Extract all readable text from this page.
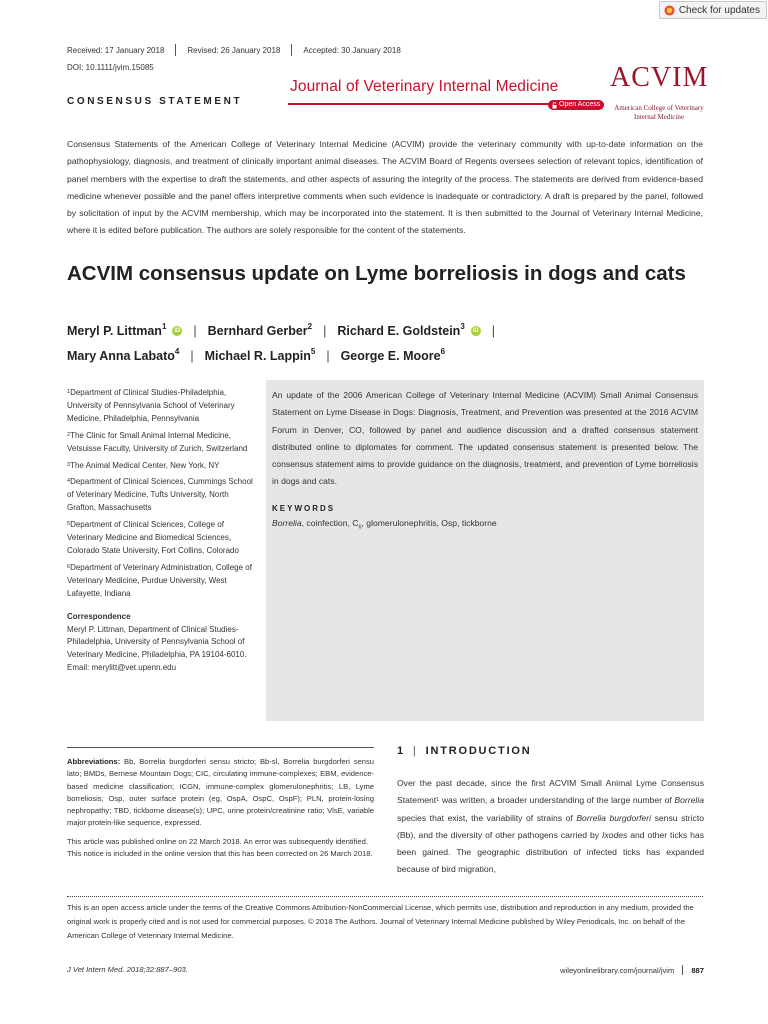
Check for updates
Received: 17 January 2018	Revised: 26 January 2018	Accepted: 30 January 2018
DOI: 10.1111/jvim.15085
CONSENSUS STATEMENT
Journal of Veterinary Internal Medicine
Open Access
ACVIM
American College of Veterinary Internal Medicine
Consensus Statements of the American College of Veterinary Internal Medicine (ACVIM) provide the veterinary community with up-to-date information on the pathophysiology, diagnosis, and treatment of clinically important animal diseases. The ACVIM Board of Regents oversees selection of relevant topics, identification of panel members with the expertise to draft the statements, and other aspects of assuring the integrity of the process. The statements are derived from evidence-based medicine whenever possible and the panel offers interpretive comments when such evidence is inadequate or contradictory. A draft is prepared by the panel, followed by solicitation of input by the ACVIM membership, which may be incorporated into the statement. It is then submitted to the Journal of Veterinary Internal Medicine, where it is edited before publication. The authors are solely responsible for the content of the statements.
ACVIM consensus update on Lyme borreliosis in dogs and cats
Meryl P. Littman$^1$	iD | Bernhard Gerber$^2$ | Richard E. Goldstein$^3$	iD |
Mary Anna Labato$^4$ | Michael R. Lappin$^5$ | George E. Moore$^6$
$^1$Department of Clinical Studies-Philadelphia, University of Pennsylvania School of Veterinary Medicine, Philadelphia, Pennsylvania
$^2$The Clinic for Small Animal Internal Medicine, Vetsuisse Faculty, University of Zurich, Switzerland
$^3$The Animal Medical Center, New York, NY
$^4$Department of Clinical Sciences, Cummings School of Veterinary Medicine, Tufts University, North Grafton, Massachusetts
$^5$Department of Clinical Sciences, College of Veterinary Medicine and Biomedical Sciences, Colorado State University, Fort Collins, Colorado
$^6$Department of Veterinary Administration, College of Veterinary Medicine, Purdue University, West Lafayette, Indiana
Correspondence
Meryl P. Littman, Department of Clinical Studies-Philadelphia, University of Pennsylvania School of Veterinary Medicine, Philadelphia, PA 19104-6010.
Email: merylitt@vet.upenn.edu
An update of the 2006 American College of Veterinary Internal Medicine (ACVIM) Small Animal Consensus Statement on Lyme Disease in Dogs: Diagnosis, Treatment, and Prevention was presented at the 2016 ACVIM Forum in Denver, CO, followed by panel and audience discussion and a drafted consensus statement distributed online to diplomates for comment. The updated consensus statement is presented below. The consensus statement aims to provide guidance on the diagnosis, treatment, and prevention of Lyme borreliosis in dogs and cats.
KEYWORDS
Borrelia, coinfection, $C_6$, glomerulonephritis, Osp, tickborne
Abbreviations: Bb, Borrelia burgdorferi sensu stricto; Bb-sl, Borrelia burgdorferi sensu lato; BMDs, Bernese Mountain Dogs; CIC, circulating immune-complexes; EBM, evidence-based medicine classification; ICGN, immune-complex glomerulonephritis; LB, Lyme borreliosis; Osp, outer surface protein (eg, OspA, OspC, OspF); PLN, protein-losing nephropathy; TBD, tickborne disease(s); UPC, urine protein/creatinine ratio; VlsE, variable major protein-like sequence, expressed.
This article was published online on 22 March 2018. An error was subsequently identified. This notice is included in the online version that this has been corrected on 26 March 2018.
1 | INTRODUCTION
Over the past decade, since the first ACVIM Small Animal Lyme Consensus Statement$^1$ was written, a broader understanding of the large number of Borrelia species that exist, the variability of strains of Borrelia burgdorferi sensu stricto (Bb), and the diversity of other pathogens carried by Ixodes and other ticks has been gained. The geographic distribution of infected ticks has expanded because of bird migration,
This is an open access article under the terms of the Creative Commons Attribution-NonCommercial License, which permits use, distribution and reproduction in any medium, provided the original work is properly cited and is not used for commercial purposes. © 2018 The Authors. Journal of Veterinary Internal Medicine published by Wiley Periodicals, Inc. on behalf of the American College of Veterinary Internal Medicine.
J Vet Intern Med. 2018;32:887–903.	wileyonlinelibrary.com/journal/jvim 887
